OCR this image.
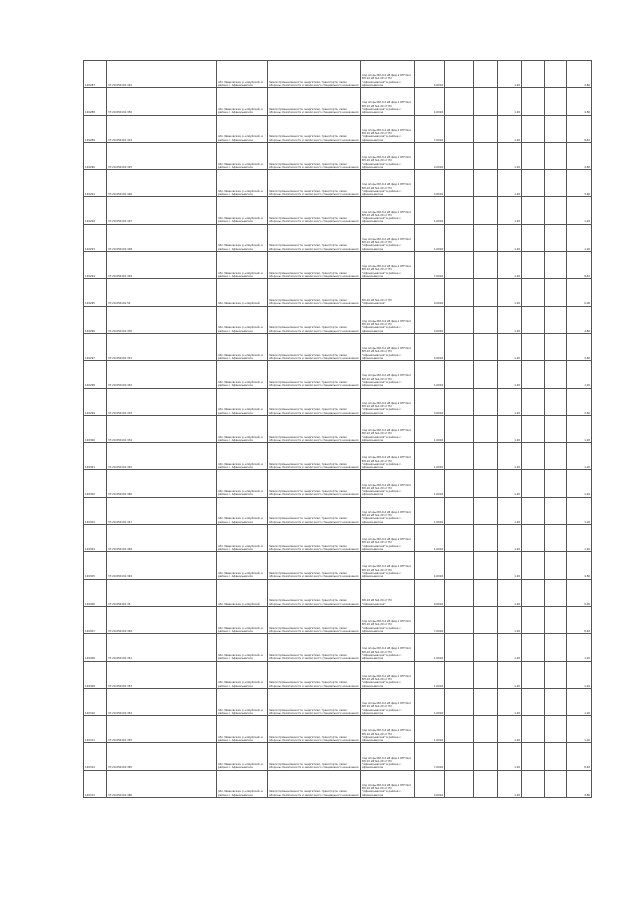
149287	37:20:050101:322	обл. Ивановская, р-н Шуйский, в районе с. Афанасьевское	Земли промышленности, энергетики, транспорта, связи обороны, безопасности и земли иного специального назначения	под опоры ВЛ-0,4 кВ фид.1 КТП №4 ВЛ-10 кВ №1-20 от ПС "Афанасьевская" в районе с. Афанасьевское	4,0004			1,20			4,80
149288	37:20:050101:350	обл. Ивановская, р-н Шуйский, в районе с. Афанасьевское	Земли промышленности, энергетики, транспорта, связи обороны, безопасности и земли иного специального назначения	под опоры ВЛ-0,4 кВ фид.1 КТП №4 ВЛ-10 кВ №1-20 от ПС "Афанасьевская" в районе с. Афанасьевское	4,0004			1,20			4,80
149289	37:20:050101:324	обл. Ивановская, р-н Шуйский, в районе с. Афанасьевское	Земли промышленности, энергетики, транспорта, связи обороны, безопасности и земли иного специального назначения	под опоры ВЛ-0,4 кВ фид.1 КТП №4 ВЛ-10 кВ №1-20 от ПС "Афанасьевская" в районе с. Афанасьевское	7,0004			1,20			8,40
149290	37:20:050101:325	обл. Ивановская, р-н Шуйский, в районе с. Афанасьевское	Земли промышленности, энергетики, транспорта, связи обороны, безопасности и земли иного специального назначения	под опоры ВЛ-0,4 кВ фид.1 КТП №4 ВЛ-10 кВ №1-20 от ПС "Афанасьевская" в районе с. Афанасьевское	4,0004			1,20			4,80
149291	37:20:050101:326	обл. Ивановская, р-н Шуйский, в районе с. Афанасьевское	Земли промышленности, энергетики, транспорта, связи обороны, безопасности и земли иного специального назначения	под опоры ВЛ-0,4 кВ фид.1 КТП №4 ВЛ-10 кВ №1-20 от ПС "Афанасьевская" в районе с. Афанасьевское	3,0004			1,20			3,60
149292	37:20:050101:327	обл. Ивановская, р-н Шуйский, в районе с. Афанасьевское	Земли промышленности, энергетики, транспорта, связи обороны, безопасности и земли иного специального назначения	под опоры ВЛ-0,4 кВ фид.1 КТП №4 ВЛ-10 кВ №1-20 от ПС "Афанасьевская" в районе с. Афанасьевское	1,0004			1,20			1,20
149293	37:20:050101:328	обл. Ивановская, р-н Шуйский, в районе с. Афанасьевское	Земли промышленности, энергетики, транспорта, связи обороны, безопасности и земли иного специального назначения	под опоры ВЛ-0,4 кВ фид.1 КТП №4 ВЛ-10 кВ №1-20 от ПС "Афанасьевская" в районе с. Афанасьевское	1,0004			1,20			1,20
149294	37:20:050101:329	обл. Ивановская, р-н Шуйский, в районе с. Афанасьевское	Земли промышленности, энергетики, транспорта, связи обороны, безопасности и земли иного специального назначения	под опоры ВЛ-0,4 кВ фид.1 КТП №4 ВЛ-10 кВ №1-20 от ПС "Афанасьевская" в районе с. Афанасьевское	7,0004			1,20			8,40
149295	37:20:050101:54	обл. Ивановская, р-н Шуйский	Земли промышленности, энергетики, транспорта, связи обороны, безопасности и земли иного специального назначения	ВЛ-10 кВ №1-20 от ПС "Афанасьевская"	0,0004			1,20			0,00
149296	37:20:050101:330	обл. Ивановская, р-н Шуйский, в районе с. Афанасьевское	Земли промышленности, энергетики, транспорта, связи обороны, безопасности и земли иного специального назначения	под опоры ВЛ-0,4 кВ фид.1 КТП №4 ВЛ-10 кВ №1-20 от ПС "Афанасьевская" в районе с. Афанасьевское	4,0004			1,20			4,80
149297	37:20:050101:331	обл. Ивановская, р-н Шуйский, в районе с. Афанасьевское	Земли промышленности, энергетики, транспорта, связи обороны, безопасности и земли иного специального назначения	под опоры ВЛ-0,4 кВ фид.1 КТП №4 ВЛ-10 кВ №1-20 от ПС "Афанасьевская" в районе с. Афанасьевское	3,0004			1,20			3,60
149298	37:20:050101:332	обл. Ивановская, р-н Шуйский, в районе с. Афанасьевское	Земли промышленности, энергетики, транспорта, связи обороны, безопасности и земли иного специального назначения	под опоры ВЛ-0,4 кВ фид.1 КТП №4 ВЛ-10 кВ №1-20 от ПС "Афанасьевская" в районе с. Афанасьевское	1,0004			1,20			1,20
149299	37:20:050101:333	обл. Ивановская, р-н Шуйский, в районе с. Афанасьевское	Земли промышленности, энергетики, транспорта, связи обороны, безопасности и земли иного специального назначения	под опоры ВЛ-0,4 кВ фид.1 КТП №4 ВЛ-10 кВ №1-20 от ПС "Афанасьевская" в районе с. Афанасьевское	3,0004			1,20			3,60
149300	37:20:050101:334	обл. Ивановская, р-н Шуйский, в районе с. Афанасьевское	Земли промышленности, энергетики, транспорта, связи обороны, безопасности и земли иного специального назначения	под опоры ВЛ-0,4 кВ фид.1 КТП №4 ВЛ-10 кВ №1-20 от ПС "Афанасьевская" в районе с. Афанасьевское	1,0004			1,20			1,20
149301	37:20:050101:345	обл. Ивановская, р-н Шуйский, в районе с. Афанасьевское	Земли промышленности, энергетики, транспорта, связи обороны, безопасности и земли иного специального назначения	под опоры ВЛ-0,4 кВ фид.1 КТП №4 ВЛ-10 кВ №1-20 от ПС "Афанасьевская" в районе с. Афанасьевское	1,0004			1,20			1,20
149302	37:20:050101:346	обл. Ивановская, р-н Шуйский, в районе с. Афанасьевское	Земли промышленности, энергетики, транспорта, связи обороны, безопасности и земли иного специального назначения	под опоры ВЛ-0,4 кВ фид.1 КТП №4 ВЛ-10 кВ №1-20 от ПС "Афанасьевская" в районе с. Афанасьевское	1,0004			1,20			1,20
149303	37:20:050101:347	обл. Ивановская, р-н Шуйский, в районе с. Афанасьевское	Земли промышленности, энергетики, транспорта, связи обороны, безопасности и земли иного специального назначения	под опоры ВЛ-0,4 кВ фид.1 КТП №4 ВЛ-10 кВ №1-20 от ПС "Афанасьевская" в районе с. Афанасьевское	1,0004			1,20			1,20
149304	37:20:050101:348	обл. Ивановская, р-н Шуйский, в районе с. Афанасьевское	Земли промышленности, энергетики, транспорта, связи обороны, безопасности и земли иного специального назначения	под опоры ВЛ-0,4 кВ фид.1 КТП №4 ВЛ-10 кВ №1-20 от ПС "Афанасьевская" в районе с. Афанасьевское	1,0004			1,20			1,20
149305	37:20:050101:349	обл. Ивановская, р-н Шуйский, в районе с. Афанасьевское	Земли промышленности, энергетики, транспорта, связи обороны, безопасности и земли иного специального назначения	под опоры ВЛ-0,4 кВ фид.1 КТП №4 ВЛ-10 кВ №1-20 от ПС "Афанасьевская" в районе с. Афанасьевское	4,0004			1,20			4,80
149306	37:20:050101:35	обл. Ивановская, р-н Шуйский	Земли промышленности, энергетики, транспорта, связи обороны, безопасности и земли иного специального назначения	ВЛ-10 кВ №1-20 от ПС "Афанасьевская"	0,0004			1,20			0,00
149307	37:20:050101:364	обл. Ивановская, р-н Шуйский, в районе с. Афанасьевское	Земли промышленности, энергетики, транспорта, связи обороны, безопасности и земли иного специального назначения	под опоры ВЛ-0,4 кВ фид.1 КТП №4 ВЛ-10 кВ №1-20 от ПС "Афанасьевская" в районе с. Афанасьевское	7,0004			1,20			8,40
149308	37:20:050101:351	обл. Ивановская, р-н Шуйский, в районе с. Афанасьевское	Земли промышленности, энергетики, транспорта, связи обороны, безопасности и земли иного специального назначения	под опоры ВЛ-0,4 кВ фид.1 КТП №4 ВЛ-10 кВ №1-20 от ПС "Афанасьевская" в районе с. Афанасьевское	1,0004			1,20			1,20
149309	37:20:050101:353	обл. Ивановская, р-н Шуйский, в районе с. Афанасьевское	Земли промышленности, энергетики, транспорта, связи обороны, безопасности и земли иного специального назначения	под опоры ВЛ-0,4 кВ фид.1 КТП №4 ВЛ-10 кВ №1-20 от ПС "Афанасьевская" в районе с. Афанасьевское	1,0004			1,20			1,20
149310	37:20:050101:354	обл. Ивановская, р-н Шуйский, в районе с. Афанасьевское	Земли промышленности, энергетики, транспорта, связи обороны, безопасности и земли иного специального назначения	под опоры ВЛ-0,4 кВ фид.1 КТП №4 ВЛ-10 кВ №1-20 от ПС "Афанасьевская" в районе с. Афанасьевское	1,0004			1,20			1,20
149311	37:20:050101:355	обл. Ивановская, р-н Шуйский, в районе с. Афанасьевское	Земли промышленности, энергетики, транспорта, связи обороны, безопасности и земли иного специального назначения	под опоры ВЛ-0,4 кВ фид.1 КТП №4 ВЛ-10 кВ №1-20 от ПС "Афанасьевская" в районе с. Афанасьевское	1,0004			1,20			1,20
149312	37:20:050101:365	обл. Ивановская, р-н Шуйский, в районе с. Афанасьевское	Земли промышленности, энергетики, транспорта, связи обороны, безопасности и земли иного специального назначения	под опоры ВЛ-0,4 кВ фид.1 КТП №4 ВЛ-10 кВ №1-20 от ПС "Афанасьевская" в районе с. Афанасьевское	7,0004			1,20			8,40
149313	37:20:050101:366	обл. Ивановская, р-н Шуйский, в районе с. Афанасьевское	Земли промышленности, энергетики, транспорта, связи обороны, безопасности и земли иного специального назначения	под опоры ВЛ-0,4 кВ фид.1 КТП №4 ВЛ-10 кВ №1-20 от ПС "Афанасьевская" в районе с. Афанасьевское	4,0004			1,20			4,80
